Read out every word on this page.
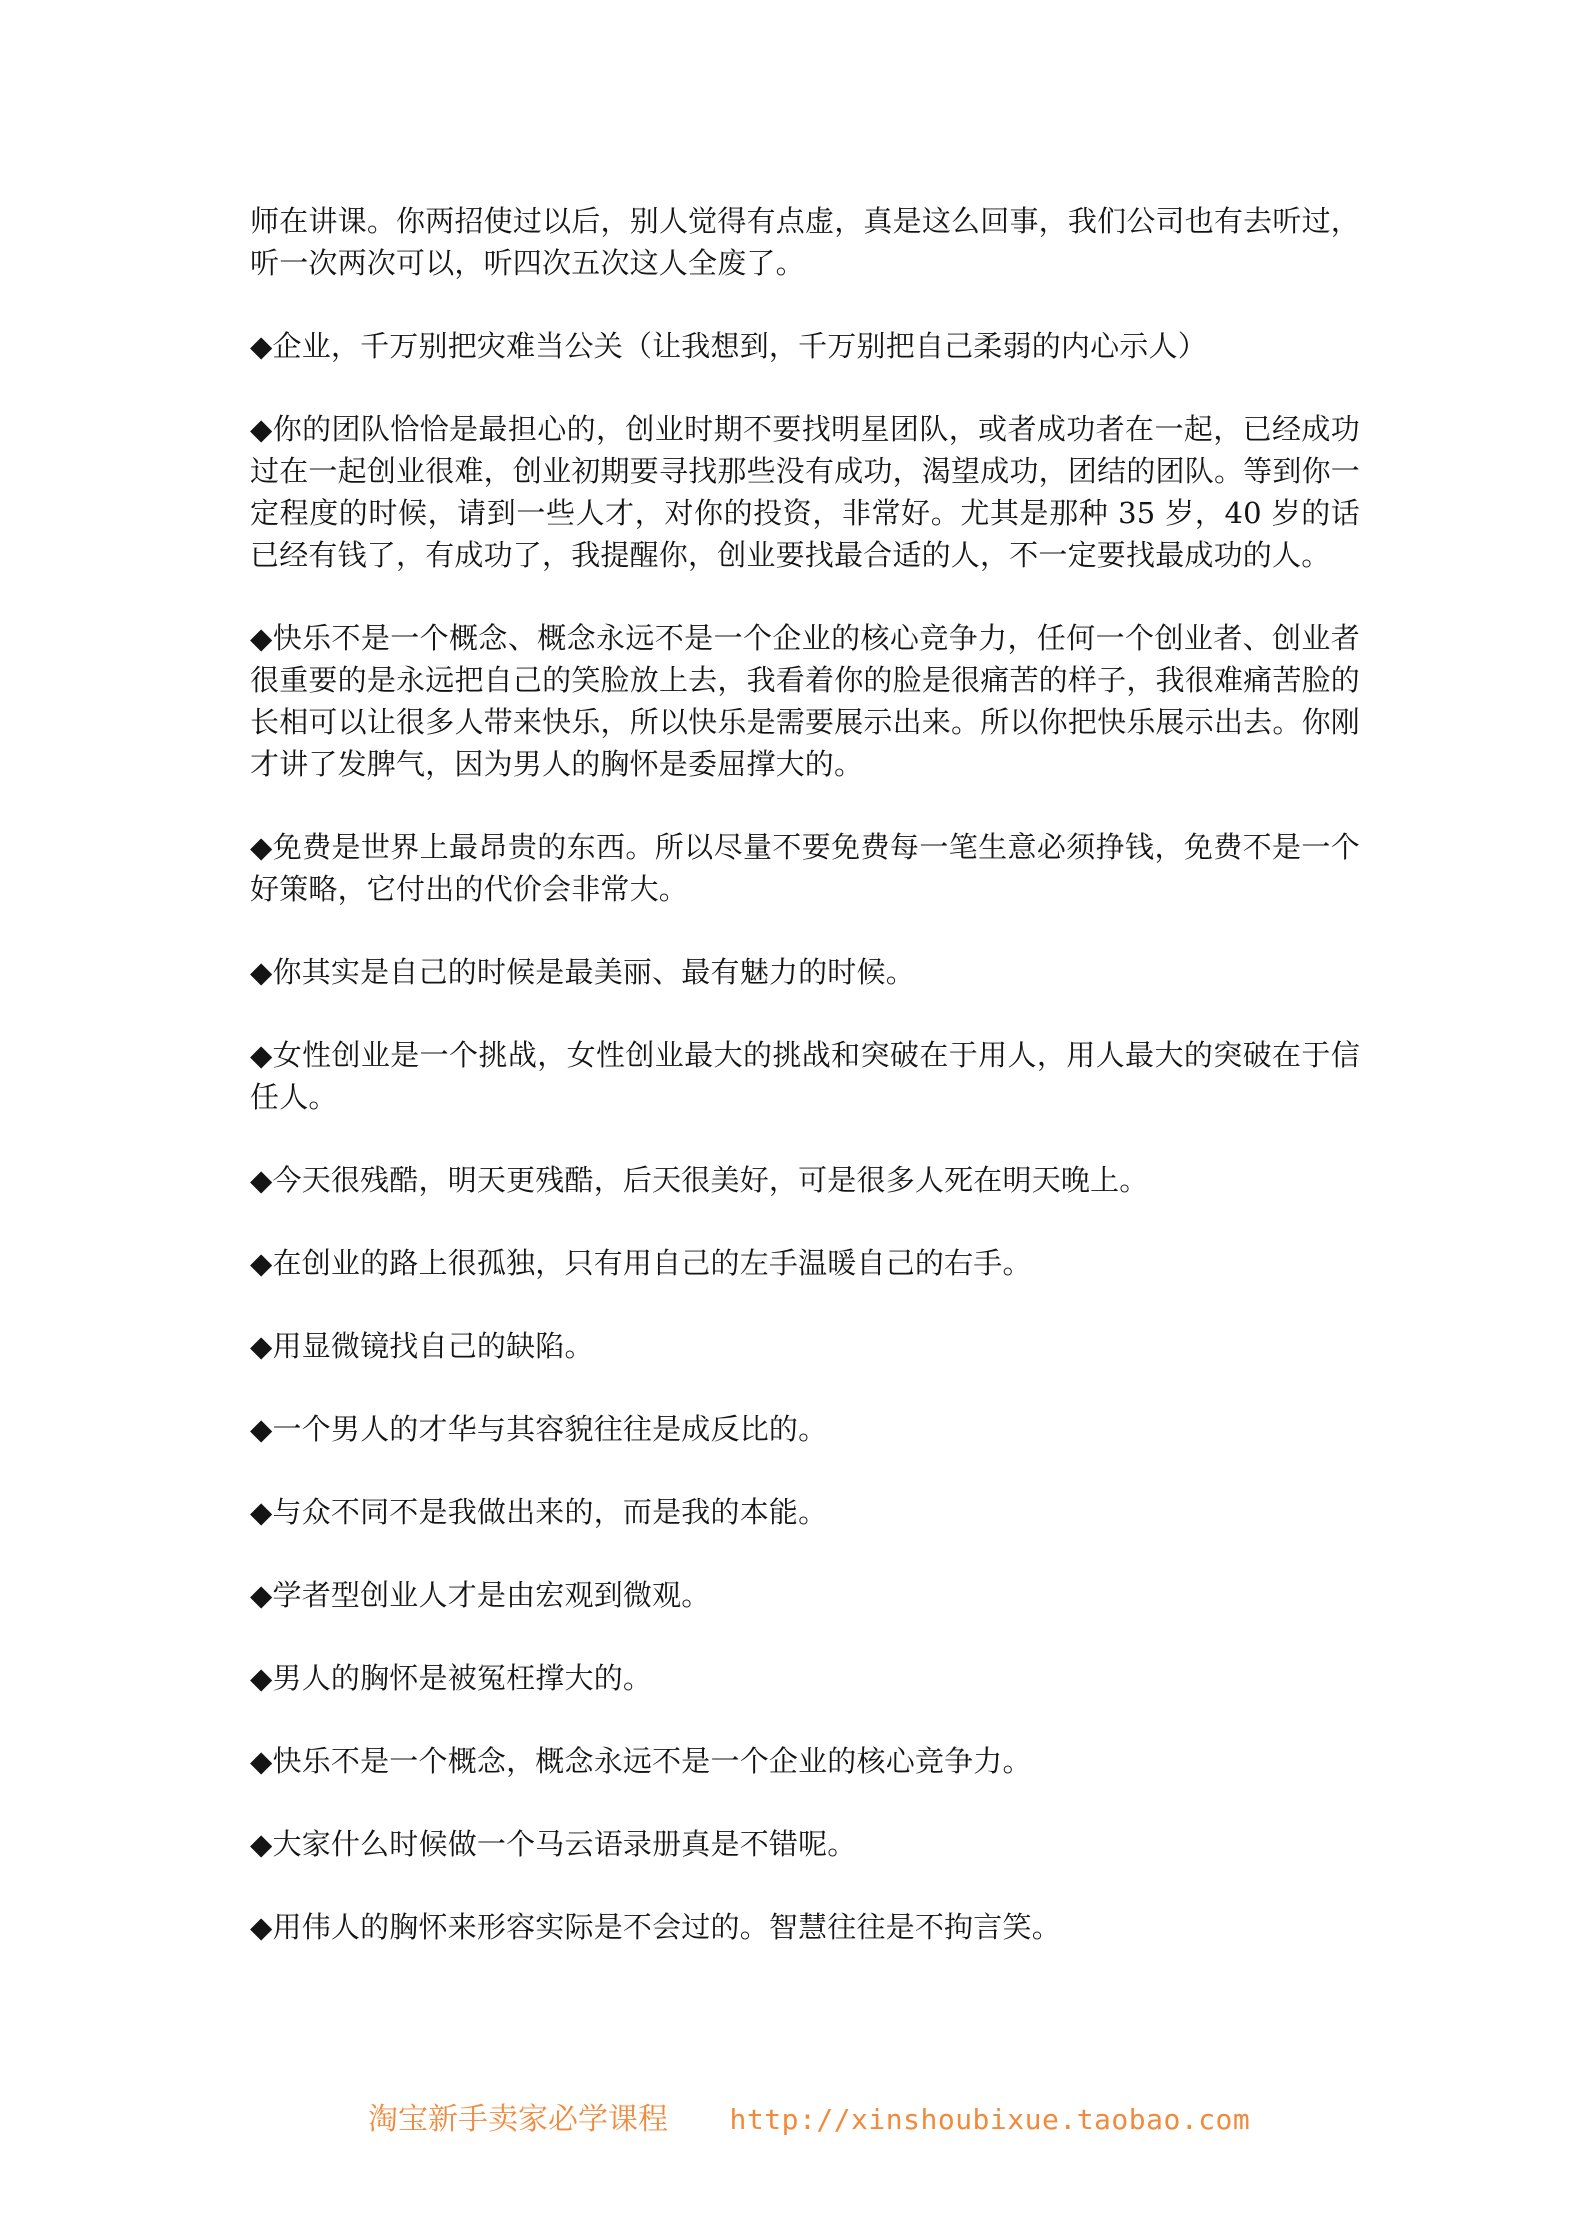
师在讲课。你两招使过以后，别人觉得有点虚，真是这么回事，我们公司也有去听过，听一次两次可以，听四次五次这人全废了。

◆企业，千万别把灾难当公关（让我想到，千万别把自己柔弱的内心示人）

◆你的团队恰恰是最担心的，创业时期不要找明星团队，或者成功者在一起，已经成功过在一起创业很难，创业初期要寻找那些没有成功，渴望成功，团结的团队。等到你一定程度的时候，请到一些人才，对你的投资，非常好。尤其是那种 35 岁，40 岁的话已经有钱了，有成功了，我提醒你，创业要找最合适的人，不一定要找最成功的人。

◆快乐不是一个概念、概念永远不是一个企业的核心竞争力，任何一个创业者、创业者很重要的是永远把自己的笑脸放上去，我看着你的脸是很痛苦的样子，我很难痛苦脸的长相可以让很多人带来快乐，所以快乐是需要展示出来。所以你把快乐展示出去。你刚才讲了发脾气，因为男人的胸怀是委屈撑大的。

◆免费是世界上最昂贵的东西。所以尽量不要免费每一笔生意必须挣钱，免费不是一个好策略，它付出的代价会非常大。

◆你其实是自己的时候是最美丽、最有魅力的时候。

◆女性创业是一个挑战，女性创业最大的挑战和突破在于用人，用人最大的突破在于信任人。

◆今天很残酷，明天更残酷，后天很美好，可是很多人死在明天晚上。

◆在创业的路上很孤独，只有用自己的左手温暖自己的右手。

◆用显微镜找自己的缺陷。

◆一个男人的才华与其容貌往往是成反比的。

◆与众不同不是我做出来的，而是我的本能。

◆学者型创业人才是由宏观到微观。

◆男人的胸怀是被冤枉撑大的。

◆快乐不是一个概念，概念永远不是一个企业的核心竞争力。

◆大家什么时候做一个马云语录册真是不错呢。

◆用伟人的胸怀来形容实际是不会过的。智慧往往是不拘言笑。

淘宝新手卖家必学课程 http://xinshoubixue.taobao.com
